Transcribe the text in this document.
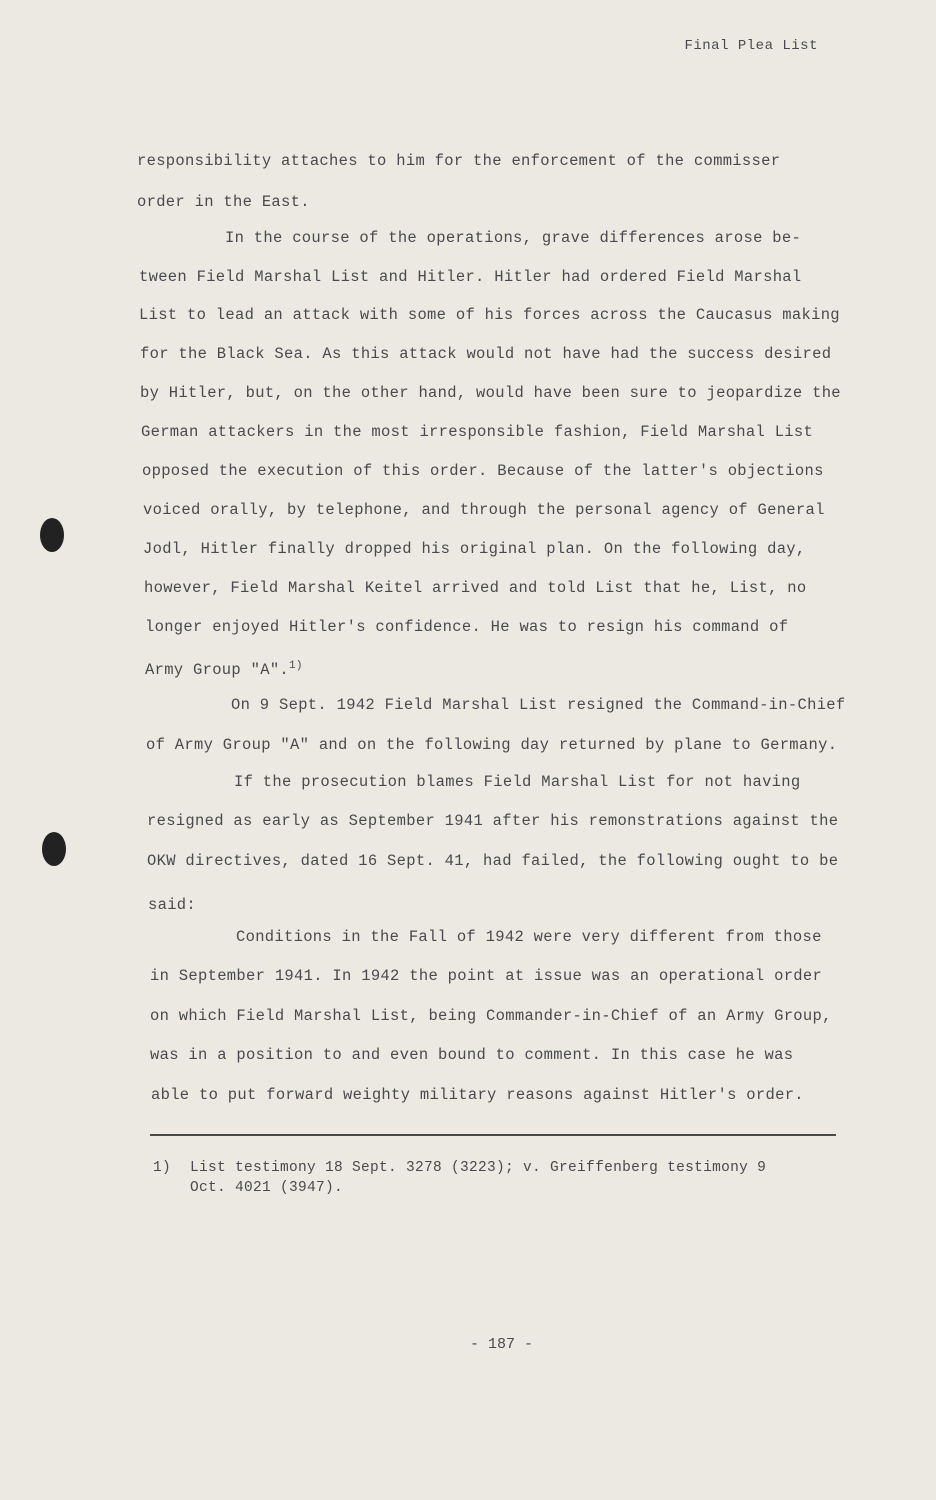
Final Plea List
responsibility attaches to him for the enforcement of the commisser
order in the East.
In the course of the operations, grave differences arose be-
tween Field Marshal List and Hitler. Hitler had ordered Field Marshal
List to lead an attack with some of his forces across the Caucasus making
for the Black Sea. As this attack would not have had the success desired
by Hitler, but, on the other hand, would have been sure to jeopardize the
German attackers in the most irresponsible fashion, Field Marshal List
opposed the execution of this order. Because of the latter's objections
voiced orally, by telephone, and through the personal agency of General
Jodl, Hitler finally dropped his original plan. On the following day,
however, Field Marshal Keitel arrived and told List that he, List, no
longer enjoyed Hitler's confidence. He was to resign his command of
Army Group "A".$^{1)}$
On 9 Sept. 1942 Field Marshal List resigned the Command-in-Chief
of Army Group "A" and on the following day returned by plane to Germany.
If the prosecution blames Field Marshal List for not having
resigned as early as September 1941 after his remonstrations against the
OKW directives, dated 16 Sept. 41, had failed, the following ought to be
said:
Conditions in the Fall of 1942 were very different from those
in September 1941. In 1942 the point at issue was an operational order
on which Field Marshal List, being Commander-in-Chief of an Army Group,
was in a position to and even bound to comment. In this case he was
able to put forward weighty military reasons against Hitler's order.
1) List testimony 18 Sept. 3278 (3223); v. Greiffenberg testimony 9
Oct. 4021 (3947).
- 187 -
